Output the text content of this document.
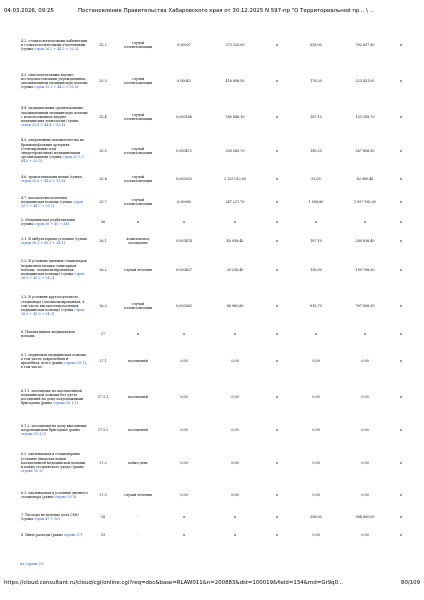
04.03.2026, 09:25	Постановление Правительства Хабаровского края от 30.12.2025 N 597-пр "О Территориальной пр... \ ...
4.2. стоматологическими кабинетами и стоматологическими отделениями (сумма строк 26.2 + 44.2 + 53.2)	25.2	случай госпитализации	0,00027	273 220,00	x	635,00	782 637,30	x
4.3. онкологическими научно-исследовательскими учреждениями, оказывающими медицинскую помощь (сумма строк 35.3 + 44.3 + 53.3)	25.3	случай госпитализации	0,00043	416 856,50	x	178,20	223 431,00	x
4.4. медицинскими организациями, оказывающими медицинскую помощь с использованием ядерно-медицинских технологий (сумма строк 35.4 + 44.4 + 53.4)	25.4	случай госпитализации	0,000188	765 846,10	x	187,10	133 558,70	x
4.5. оперативные вмешательства на брахиоцефальных артериях (стентирование или эндартерэктомия) медицинскими организациями (сумма строк 35.5 + 44.5 + 53.5)	25.5	случай госпитализации	0,000472	330 083,70	x	185,20	267 856,30	x
4.6. трансплантация почки (сумма строк 35.6 + 44.6 + 53.6)	25.6	случай госпитализации	0,000025	2 129 012,00	x	52,00	83 980,40	x
4.7. высокотехнологичная медицинская помощь (сумма строк 35.7 + 44.7 + 53.7)	25.7	случай госпитализации	0,00065	247 227,70	x	1 508,80	1 957 182,00	x
5. Медицинская реабилитация (сумма строк 36 + 45 + 54)	26	x	x	x	x	x	x	x
5.1. В амбулаторных условиях (сумма строк 36.1 + 45.1 + 54.1)	26.1	комплексное посещение	0,003474	45 938,40	x	187,10	280 836,40	x
5.2. В условиях дневных стационаров (первичная медико-санитарная помощь, специализированная медицинская помощь) (сумма строк 36.2 + 45.2 + 54.2)	26.2	случай лечения	0,000437	30 238,40	x	150,00	190 798,30	x
5.3. В условиях круглосуточного стационара (специализированная, в том числе высокотехнологичная, медицинская помощь) (сумма строк 36.3 + 45.3 + 54.3)	26.3	случай госпитализации	0,000563	86 962,60	x	615,70	767 656,30	x
6. Паллиативная медицинская помощь	27	x	x	x	x	x	x	x
6.1. первичная медицинская помощь, в том числе доврачебная и врачебная, всего (равно строке 55.1), в том числе:	27.1	посещений	0,00	0,00	x	0,00	0,00	x
6.1.1. посещение по паллиативной медицинской помощи без учета посещений на дому патронажными бригадами (равно строке 55.1.1)	27.1.1	посещений	0,00	0,00	x	0,00	0,00	x
6.1.2. посещения на дому выездными патронажными бригадами (равно строке 55.1.2)	27.1.2	посещений	0,00	0,00	x	0,00	0,00	x
6.2. оказываемая в стационарных условиях (включая койки паллиативной медицинской помощи и койки сестринского ухода) (равно строке 55.2)	27.2	койко-день	0,00	0,00	x	0,00	0,00	x
6.3. оказываемая в условиях дневного стационара (равно строке 55.3)	27.3	случай лечения	0,00	0,00	x	0,00	0,00	x
7. Расходы на ведение дела СМО (сумма строк 47 + 56)	28	-	x	x	x	308,00	384 800,00	x
8. Иные расходы (равно строке 57)	29	-	x	x	x	0,00	0,00	x
из строки 20:
https://cloud.consultant.ru/cloud/cgi/online.cgi?req=doc&base=RLAW011&n=200883&dst=100019&field=134&rnd=Gr9q0...	80/109
